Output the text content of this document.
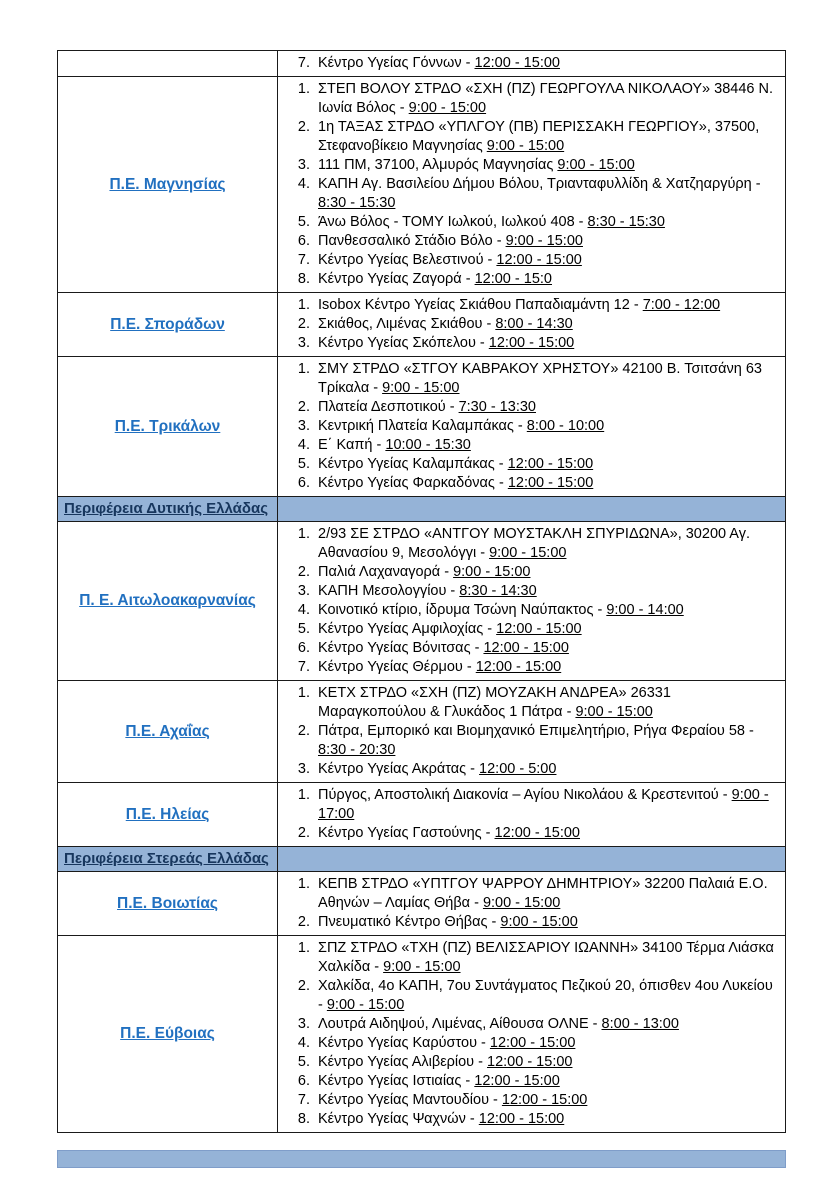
7. Κέντρο Υγείας Γόννων - 12:00 - 15:00

Π.Ε. Μαγνησίας	
1. ΣΤΕΠ ΒΟΛΟΥ ΣΤΡΔΟ «ΣΧΗ (ΠΖ) ΓΕΩΡΓΟΥΛΑ ΝΙΚΟΛΑΟΥ» 38446 Ν. Ιωνία Βόλος - 9:00 - 15:00
2. 1η ΤΑΞΑΣ ΣΤΡΔΟ «ΥΠΛΓΟΥ (ΠΒ) ΠΕΡΙΣΣΑΚΗ ΓΕΩΡΓΙΟΥ», 37500, Στεφανοβίκειο Μαγνησίας 9:00 - 15:00
3. 111 ΠΜ, 37100, Αλμυρός Μαγνησίας 9:00 - 15:00
4. ΚΑΠΗ Αγ. Βασιλείου Δήμου Βόλου, Τριανταφυλλίδη & Χατζηαργύρη - 8:30 - 15:30
5. Άνω Βόλος - ΤΟΜΥ Ιωλκού, Ιωλκού 408 - 8:30 - 15:30
6. Πανθεσσαλικό Στάδιο Βόλο - 9:00 - 15:00
7. Κέντρο Υγείας Βελεστινού - 12:00 - 15:00
8. Κέντρο Υγείας Ζαγορά - 12:00 - 15:0

Π.Ε. Σποράδων	
1. Isobox Κέντρο Υγείας Σκιάθου Παπαδιαμάντη 12 - 7:00 - 12:00
2. Σκιάθος, Λιμένας Σκιάθου - 8:00 - 14:30
3. Κέντρο Υγείας Σκόπελου - 12:00 - 15:00

Π.Ε. Τρικάλων	
1. ΣΜΥ ΣΤΡΔΟ «ΣΤΓΟΥ ΚΑΒΡΑΚΟΥ ΧΡΗΣΤΟΥ» 42100 Β. Τσιτσάνη 63 Τρίκαλα - 9:00 - 15:00
2. Πλατεία Δεσποτικού - 7:30 - 13:30
3. Κεντρική Πλατεία Καλαμπάκας - 8:00 - 10:00
4. Ε΄ Καπή - 10:00 - 15:30
5. Κέντρο Υγείας Καλαμπάκας - 12:00 - 15:00
6. Κέντρο Υγείας Φαρκαδόνας - 12:00 - 15:00

Περιφέρεια Δυτικής Ελλάδας	
Π. Ε. Αιτωλοακαρνανίας	
1. 2/93 ΣΕ ΣΤΡΔΟ «ΑΝΤΓΟΥ ΜΟΥΣΤΑΚΛΗ ΣΠΥΡΙΔΩΝΑ», 30200 Αγ. Αθανασίου 9, Μεσολόγγι - 9:00 - 15:00
2. Παλιά Λαχαναγορά - 9:00 - 15:00
3. ΚΑΠΗ Μεσολογγίου - 8:30 - 14:30
4. Κοινοτικό κτίριο, ίδρυμα Τσώνη Ναύπακτος - 9:00 - 14:00
5. Κέντρο Υγείας Αμφιλοχίας - 12:00 - 15:00
6. Κέντρο Υγείας Βόνιτσας - 12:00 - 15:00
7. Κέντρο Υγείας Θέρμου - 12:00 - 15:00

Π.Ε. Αχαΐας	
1. ΚΕΤΧ ΣΤΡΔΟ «ΣΧΗ (ΠΖ) ΜΟΥΖΑΚΗ ΑΝΔΡΕΑ» 26331 Μαραγκοπούλου & Γλυκάδος 1 Πάτρα - 9:00 - 15:00
2. Πάτρα, Εμπορικό και Βιομηχανικό Επιμελητήριο, Ρήγα Φεραίου 58 - 8:30 - 20:30
3. Κέντρο Υγείας Ακράτας - 12:00 - 5:00

Π.Ε. Ηλείας	
1. Πύργος, Αποστολική Διακονία – Αγίου Νικολάου & Κρεστενιτού - 9:00 - 17:00
2. Κέντρο Υγείας Γαστούνης - 12:00 - 15:00

Περιφέρεια Στερεάς Ελλάδας	
Π.Ε. Βοιωτίας	
1. ΚΕΠΒ ΣΤΡΔΟ «ΥΠΤΓΟΥ ΨΑΡΡΟΥ ΔΗΜΗΤΡΙΟΥ» 32200 Παλαιά Ε.Ο. Αθηνών – Λαμίας Θήβα - 9:00 - 15:00
2. Πνευματικό Κέντρο Θήβας - 9:00 - 15:00

Π.Ε. Εύβοιας	
1. ΣΠΖ ΣΤΡΔΟ «ΤΧΗ (ΠΖ) ΒΕΛΙΣΣΑΡΙΟΥ ΙΩΑΝΝΗ» 34100 Τέρμα Λιάσκα Χαλκίδα - 9:00 - 15:00
2. Χαλκίδα, 4ο ΚΑΠΗ, 7ου Συντάγματος Πεζικού 20, όπισθεν 4ου Λυκείου - 9:00 - 15:00
3. Λουτρά Αιδηψού, Λιμένας, Αίθουσα ΟΛΝΕ - 8:00 - 13:00
4. Κέντρο Υγείας Καρύστου - 12:00 - 15:00
5. Κέντρο Υγείας Αλιβερίου - 12:00 - 15:00
6. Κέντρο Υγείας Ιστιαίας - 12:00 - 15:00
7. Κέντρο Υγείας Μαντουδίου - 12:00 - 15:00
8. Κέντρο Υγείας Ψαχνών - 12:00 - 15:00
